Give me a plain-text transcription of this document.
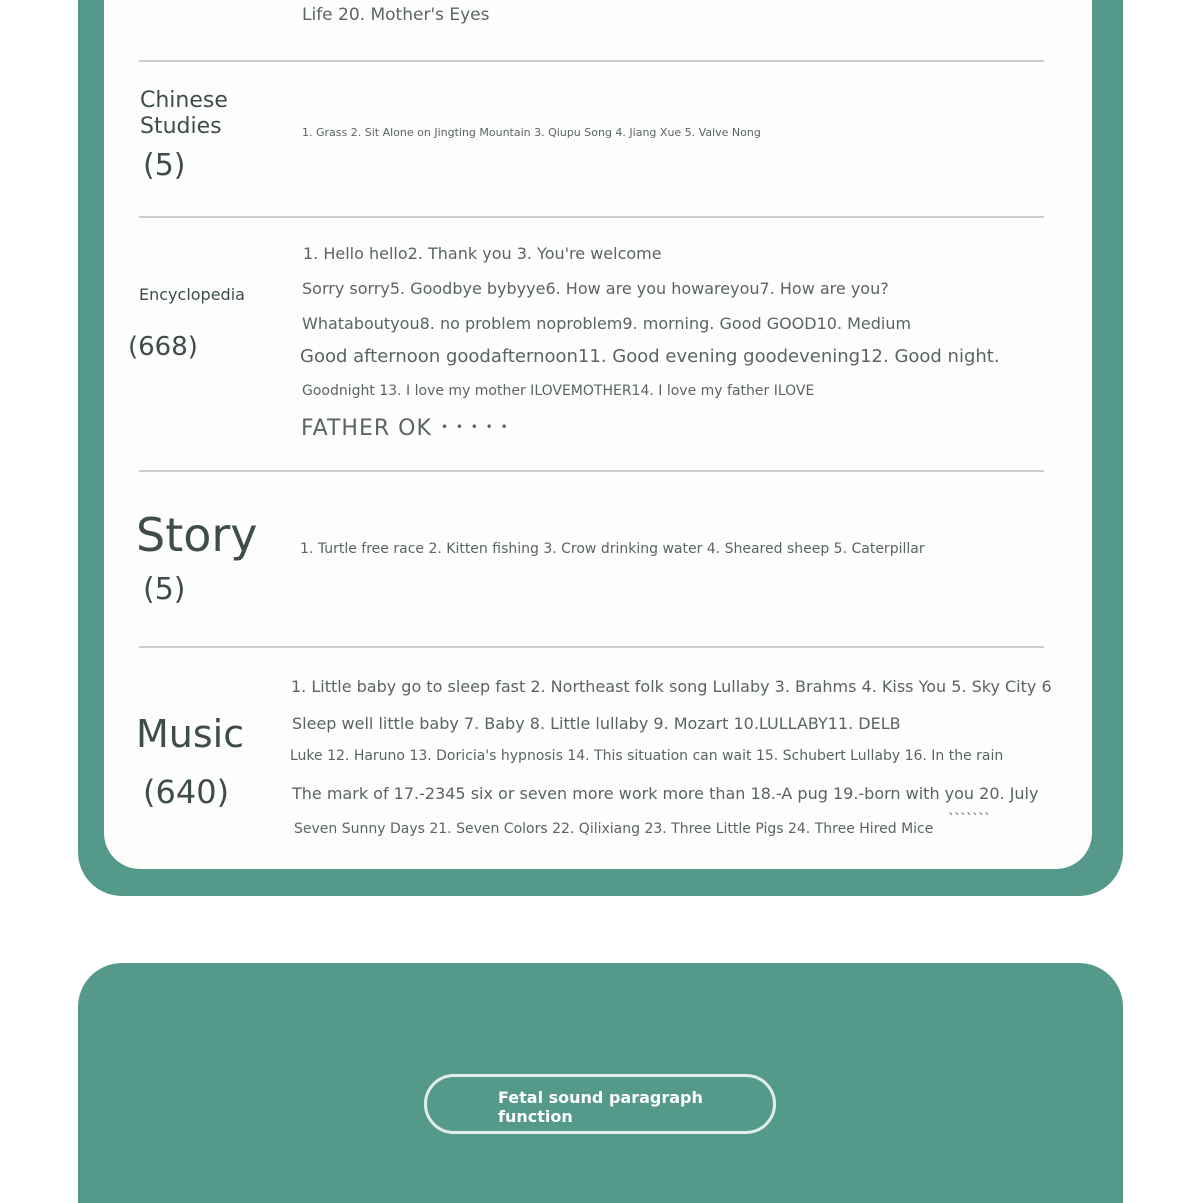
Life 20. Mother's Eyes
Chinese Studies
(5)
1. Grass 2. Sit Alone on Jingting Mountain 3. Qiupu Song 4. Jiang Xue 5. Valve Nong
Encyclopedia
(668)
1. Hello hello2. Thank you 3. You're welcome
Sorry sorry5. Goodbye bybyye6. How are you howareyou7. How are you?
Whataboutyou8. no problem noproblem9. morning. Good GOOD10. Medium
Good afternoon goodafternoon11. Good evening goodevening12. Good night.
Goodnight 13. I love my mother ILOVEMOTHER14. I love my father ILOVE
FATHER OK • • • • •
Story
(5)
1. Turtle free race 2. Kitten fishing 3. Crow drinking water 4. Sheared sheep 5. Caterpillar
Music
(640)
1. Little baby go to sleep fast 2. Northeast folk song Lullaby 3. Brahms 4. Kiss You 5. Sky City 6
Sleep well little baby 7. Baby 8. Little lullaby 9. Mozart 10.LULLABY11. DELB
Luke 12. Haruno 13. Doricia's hypnosis 14. This situation can wait 15. Schubert Lullaby 16. In the rain
The mark of 17.-2345 six or seven more work more than 18.-A pug 19.-born with you 20. July
Seven Sunny Days 21. Seven Colors 22. Qilixiang 23. Three Little Pigs 24. Three Hired Mice
ˋˋˋˋˋˋˋ
Fetal sound paragraph function
